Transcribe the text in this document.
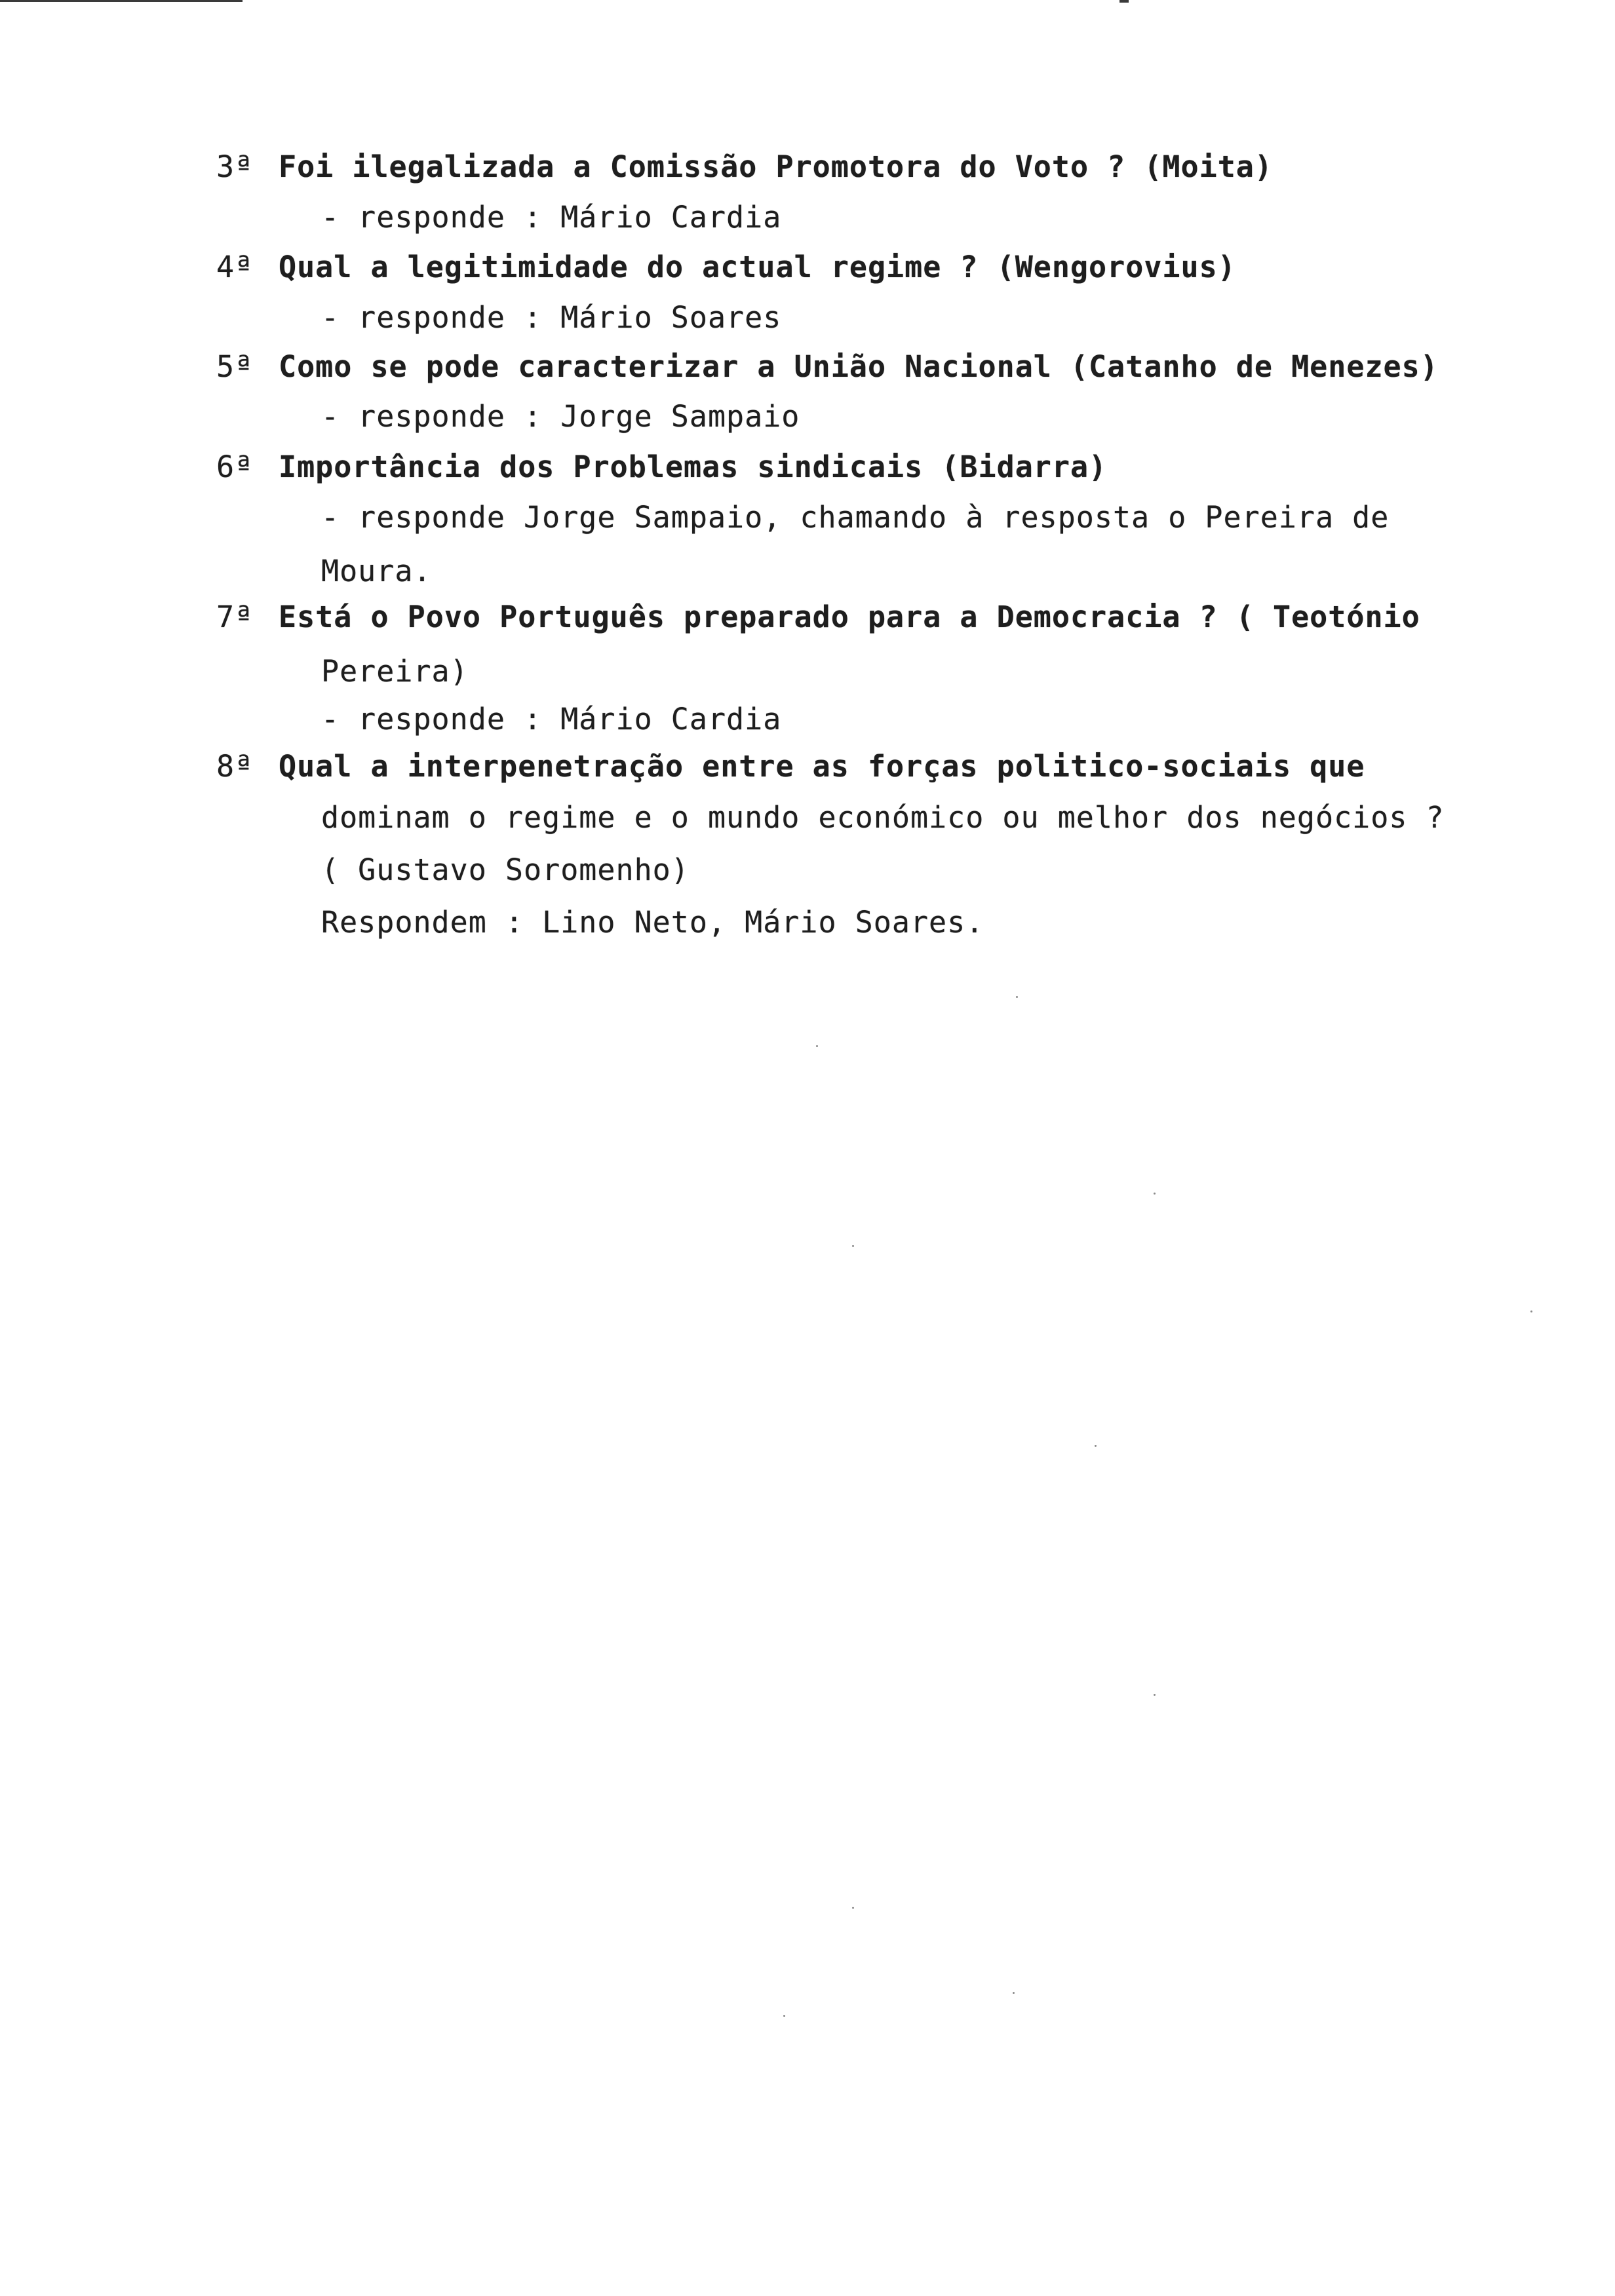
3ª Foi ilegalizada a Comissão Promotora do Voto ? (Moita)
- responde : Mário Cardia
4ª Qual a legitimidade do actual regime ? (Wengorovius)
- responde : Mário Soares
5ª Como se pode caracterizar a União Nacional (Catanho de Menezes)
- responde : Jorge Sampaio
6ª Importância dos Problemas sindicais (Bidarra)
- responde Jorge Sampaio, chamando à resposta o Pereira de
Moura.
7ª Está o Povo Português preparado para a Democracia ? ( Teotónio
Pereira)
- responde : Mário Cardia
8ª Qual a interpenetração entre as forças politico-sociais que
dominam o regime e o mundo económico ou melhor dos negócios ?
( Gustavo Soromenho)
Respondem : Lino Neto, Mário Soares.
